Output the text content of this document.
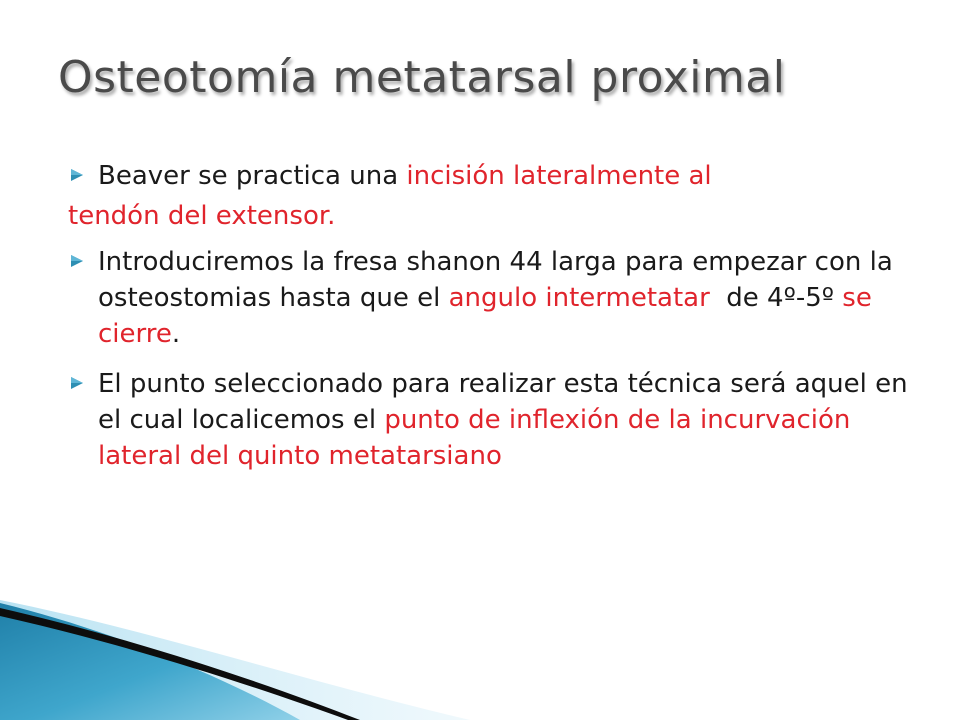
Osteotomía metatarsal proximal

Beaver se practica una incisión lateralmente al

tendón del extensor.

Introduciremos la fresa shanon 44 larga para empezar con la osteostomias hasta que el angulo intermetatar  de 4º-5º se cierre.

El punto seleccionado para realizar esta técnica será aquel en el cual localicemos el punto de inflexión de la incurvación lateral del quinto metatarsiano
